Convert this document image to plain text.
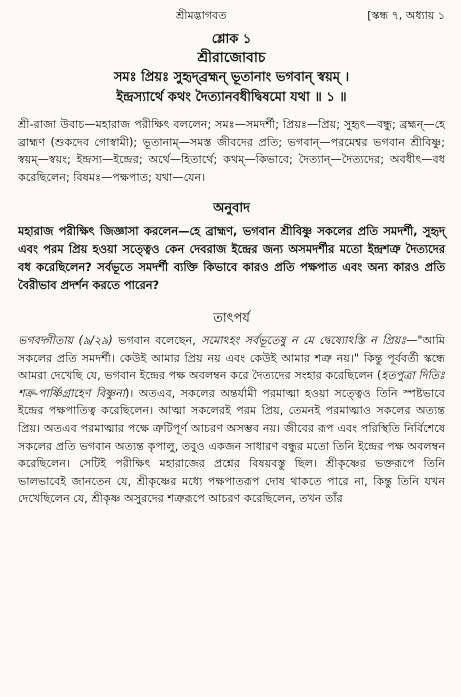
শ্রীমদ্ভাগবত	[স্কন্ধ ৭, অধ্যায় ১
শ্লোক ১
শ্রীরাজোবাচ
সমঃ প্রিয়ঃ সুহৃদ্‌ব্রহ্মন্ ভূতানাং ভগবান্ স্বয়ম্ ।
ইন্দ্রস্যার্থে কথং দৈত্যানবধীদ্বিষমো যথা ॥ ১ ॥
শ্রী-রাজা উবাচ—মহারাজ পরীক্ষিৎ বললেন; সমঃ—সমদর্শী; প্রিয়ঃ—প্রিয়; সুহৃৎ—বন্ধু; ব্রহ্মন্—হে ব্রাহ্মণ (শুকদেব গোস্বামী); ভূতানাম্—সমস্ত জীবদের প্রতি; ভগবান্—পরমেশ্বর ভগবান শ্রীবিষ্ণু; স্বয়ম্—স্বয়ং; ইন্দ্রস্য—ইন্দ্রের; অর্থে—হিতার্থে; কথম্—কিভাবে; দৈত্যান্—দৈত্যদের; অবধীৎ—বধ করেছিলেন; বিষমঃ—পক্ষপাত; যথা—যেন।
অনুবাদ
মহারাজ পরীক্ষিৎ জিজ্ঞাসা করলেন—হে ব্রাহ্মণ, ভগবান শ্রীবিষ্ণু সকলের প্রতি সমদর্শী, সুহৃদ্ এবং পরম প্রিয় হওয়া সত্ত্বেও কেন দেবরাজ ইন্দ্রের জন্য অসমদর্শীর মতো ইন্দ্রশত্রু দৈত্যদের বধ করেছিলেন? সর্বভূতে সমদর্শী ব্যক্তি কিভাবে কারও প্রতি পক্ষপাত এবং অন্য কারও প্রতি বৈরীভাব প্রদর্শন করতে পারেন?
তাৎপর্য
ভগবদ্গীতায় (৯/২৯) ভগবান বলেছেন, সমোঽহং সর্বভূতেষু ন মে দ্বেষ্যোঽস্তি ন প্রিয়ঃ—"আমি সকলের প্রতি সমদর্শী। কেউই আমার প্রিয় নয় এবং কেউই আমার শত্রু নয়।" কিন্তু পূর্ববর্তী স্কন্ধে আমরা দেখেছি যে, ভগবান ইন্দ্রের পক্ষ অবলম্বন করে দৈত্যদের সংহার করেছিলেন (হতপুত্রা দিতিঃ শক্র-পার্ষ্ণিগ্রাহেণ বিষ্ণুনা)। অতএব, সকলের অন্তর্যামী পরমাত্মা হওয়া সত্ত্বেও তিনি স্পষ্টভাবে ইন্দ্রের পক্ষপাতিত্ব করেছিলেন। আত্মা সকলেরই পরম প্রিয়, তেমনই পরমাত্মাও সকলের অত্যন্ত প্রিয়। অতএব পরমাত্মার পক্ষে ত্রুটিপূর্ণ আচরণ অসম্ভব নয়। জীবের রূপ এবং পরিস্থিতি নির্বিশেষে সকলের প্রতি ভগবান অত্যন্ত কৃপালু, তবুও একজন সাধারণ বন্ধুর মতো তিনি ইন্দ্রের পক্ষ অবলম্বন করেছিলেন। সেটিই পরীক্ষিৎ মহারাজের প্রশ্নের বিষয়বস্তু ছিল। শ্রীকৃষ্ণের ভক্তরূপে তিনি ভালভাবেই জানতেন যে, শ্রীকৃষ্ণের মধ্যে পক্ষপাতরূপ দোষ থাকতে পারে না, কিন্তু তিনি যখন দেখেছিলেন যে, শ্রীকৃষ্ণ অসুরদের শত্রুরূপে আচরণ করেছিলেন, তখন তাঁর
